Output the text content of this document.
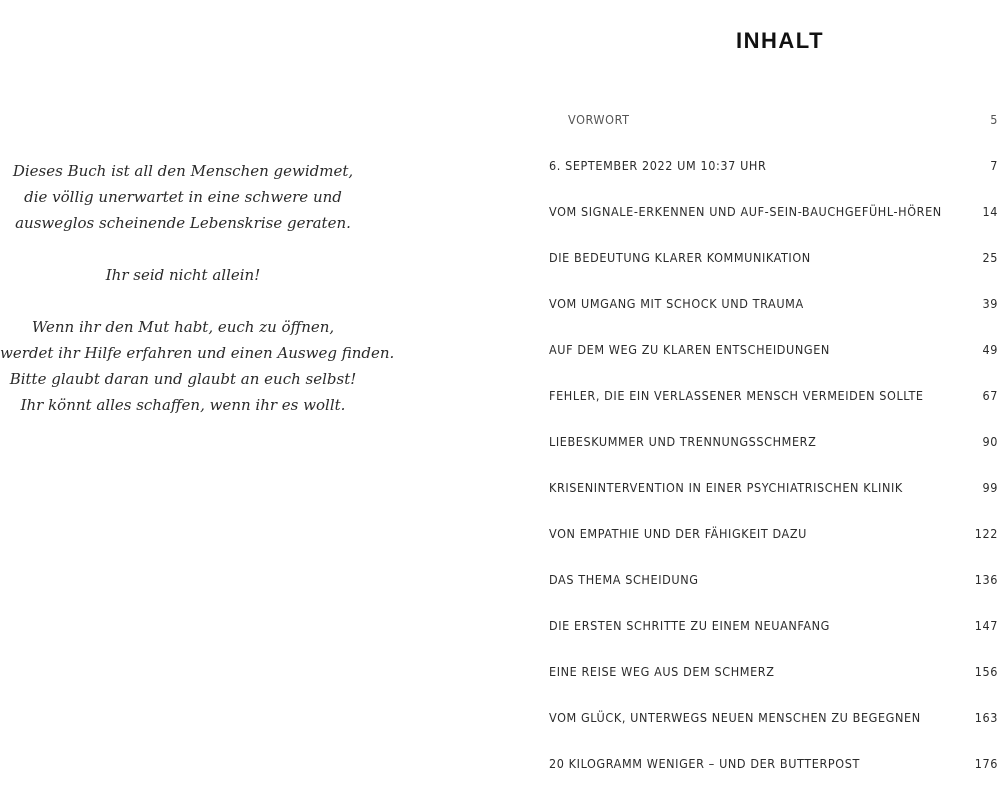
Dieses Buch ist all den Menschen gewidmet,
die völlig unerwartet in eine schwere und
ausweglos scheinende Lebenskrise geraten.

Ihr seid nicht allein!

Wenn ihr den Mut habt, euch zu öffnen,
werdet ihr Hilfe erfahren und einen Ausweg finden.
Bitte glaubt daran und glaubt an euch selbst!
Ihr könnt alles schaffen, wenn ihr es wollt.

INHALT
VORWORT	5
6. SEPTEMBER 2022 UM 10:37 UHR	7
VOM SIGNALE-ERKENNEN UND AUF-SEIN-BAUCHGEFÜHL-HÖREN	14
DIE BEDEUTUNG KLARER KOMMUNIKATION	25
VOM UMGANG MIT SCHOCK UND TRAUMA	39
AUF DEM WEG ZU KLAREN ENTSCHEIDUNGEN	49
FEHLER, DIE EIN VERLASSENER MENSCH VERMEIDEN SOLLTE	67
LIEBESKUMMER UND TRENNUNGSSCHMERZ	90
KRISENINTERVENTION IN EINER PSYCHIATRISCHEN KLINIK	99
VON EMPATHIE UND DER FÄHIGKEIT DAZU	122
DAS THEMA SCHEIDUNG	136
DIE ERSTEN SCHRITTE ZU EINEM NEUANFANG	147
EINE REISE WEG AUS DEM SCHMERZ	156
VOM GLÜCK, UNTERWEGS NEUEN MENSCHEN ZU BEGEGNEN	163
20 KILOGRAMM WENIGER – UND DER BUTTERPOST	176
